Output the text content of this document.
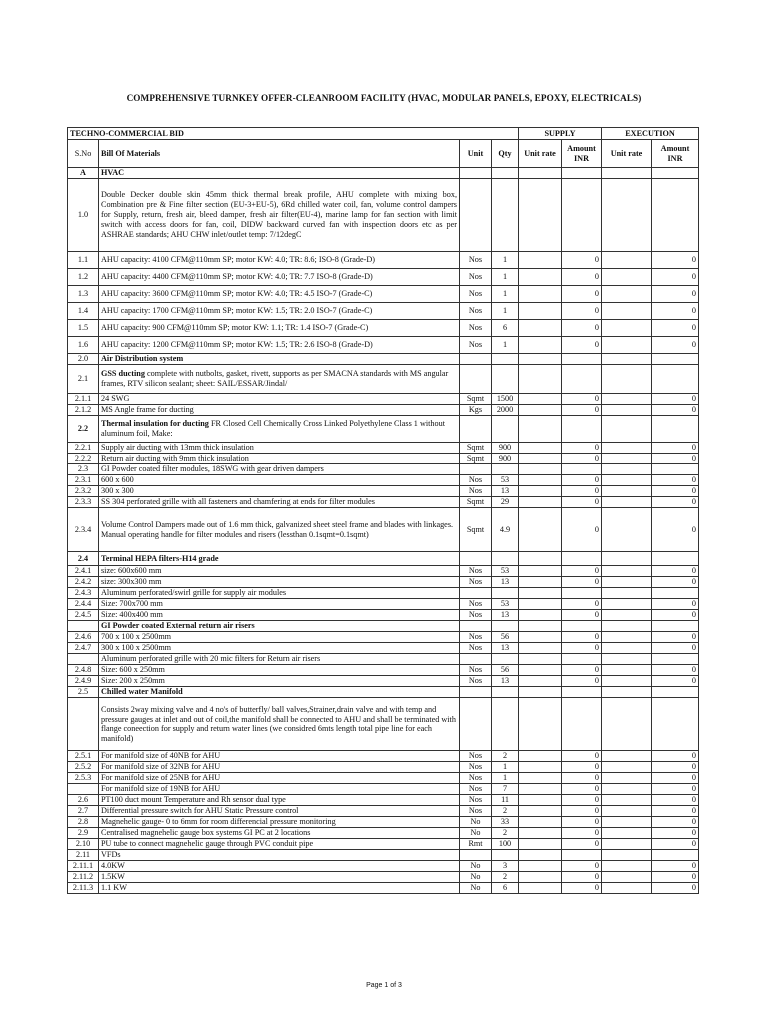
COMPREHENSIVE TURNKEY OFFER-CLEANROOM FACILITY (HVAC, MODULAR PANELS, EPOXY, ELECTRICALS)
TECHNO-COMMERCIAL BID				SUPPLY		EXECUTION	
S.No	Bill Of Materials	Unit	Qty	Unit rate	Amount INR	Unit rate	Amount INR
A	HVAC						
1.0	Double Decker double skin 45mm thick thermal break profile, AHU complete with mixing box, Combination pre & Fine filter section (EU-3+EU-5), 6Rd chilled water coil, fan, volume control dampers for Supply, return, fresh air, bleed damper, fresh air filter(EU-4), marine lamp for fan section with limit switch with access doors for fan, coil, DIDW backward curved fan with inspection doors etc as per ASHRAE standards; AHU CHW inlet/outlet temp: 7/12degC						
1.1	AHU capacity: 4100 CFM@110mm SP; motor KW: 4.0; TR: 8.6; ISO-8 (Grade-D)	Nos	1		0		0
1.2	AHU capacity: 4400 CFM@110mm SP; motor KW: 4.0; TR: 7.7 ISO-8 (Grade-D)	Nos	1		0		0
1.3	AHU capacity: 3600 CFM@110mm SP; motor KW: 4.0; TR: 4.5 ISO-7 (Grade-C)	Nos	1		0		0
1.4	AHU capacity: 1700 CFM@110mm SP; motor KW: 1.5; TR: 2.0 ISO-7 (Grade-C)	Nos	1		0		0
1.5	AHU capacity: 900 CFM@110mm SP; motor KW: 1.1; TR: 1.4 ISO-7 (Grade-C)	Nos	6		0		0
1.6	AHU capacity: 1200 CFM@110mm SP; motor KW: 1.5; TR: 2.6 ISO-8 (Grade-D)	Nos	1		0		0
2.0	Air Distribution system						
2.1	GSS ducting complete with nutbolts, gasket, rivett, supports as per SMACNA standards with MS angular frames, RTV silicon sealant; sheet: SAIL/ESSAR/Jindal/						
2.1.1	24 SWG	Sqmt	1500		0		0
2.1.2	MS Angle frame for ducting	Kgs	2000		0		0
2.2	Thermal insulation for ducting FR Closed Cell Chemically Cross Linked Polyethylene Class 1 without aluminum foil, Make:						
2.2.1	Supply air ducting with 13mm thick insulation	Sqmt	900		0		0
2.2.2	Return air ducting with 9mm thick insulation	Sqmt	900		0		0
2.3	GI Powder coated filter modules, 18SWG with gear driven dampers						
2.3.1	600 x 600	Nos	53		0		0
2.3.2	300 x 300	Nos	13		0		0
2.3.3	SS 304 perforated grille with all fasteners and chamfering at ends for filter modules	Sqmt	29		0		0
2.3.4	Volume Control Dampers made out of 1.6 mm thick, galvanized sheet steel frame and blades with linkages. Manual operating handle for filter modules and risers (lessthan 0.1sqmt=0.1sqmt)	Sqmt	4.9		0		0
2.4	Terminal HEPA filters-H14 grade						
2.4.1	size: 600x600 mm	Nos	53		0		0
2.4.2	size: 300x300 mm	Nos	13		0		0
2.4.3	Aluminum perforated/swirl grille for supply air modules						
2.4.4	Size: 700x700 mm	Nos	53		0		0
2.4.5	Size: 400x400 mm	Nos	13		0		0
	GI Powder coated External return air risers						
2.4.6	700 x 100 x 2500mm	Nos	56		0		0
2.4.7	300 x 100 x 2500mm	Nos	13		0		0
	Aluminum perforated grille with 20 mic filters for Return air risers						
2.4.8	Size: 600 x 250mm	Nos	56		0		0
2.4.9	Size: 200 x 250mm	Nos	13		0		0
2.5	Chilled water Manifold						
	Consists 2way mixing valve and 4 no's of butterfly/ ball valves,Strainer,drain valve and with temp and pressure gauges at inlet and out of coil,the manifold shall be connected to AHU and shall be terminated with flange coneection for supply and return water lines (we considred 6mts length total pipe line for each manifold)						
2.5.1	For manifold size of 40NB for AHU	Nos	2		0		0
2.5.2	For manifold size of 32NB for AHU	Nos	1		0		0
2.5.3	For manifold size of 25NB for AHU	Nos	1		0		0
	For manifold size of 19NB for AHU	Nos	7		0		0
2.6	PT100 duct mount Temperature and Rh sensor dual type	Nos	11		0		0
2.7	Differential pressure switch for AHU Static Pressure control	Nos	2		0		0
2.8	Magnehelic gauge- 0 to 6mm for room differencial pressure monitoring	No	33		0		0
2.9	Centralised magnehelic gauge box systems GI PC at 2 locations	No	2		0		0
2.10	PU tube to connect magnehelic gauge through PVC conduit pipe	Rmt	100		0		0
2.11	VFDs						
2.11.1	4.0KW	No	3		0		0
2.11.2	1.5KW	No	2		0		0
2.11.3	1.1 KW	No	6		0		0
Page 1 of 3
